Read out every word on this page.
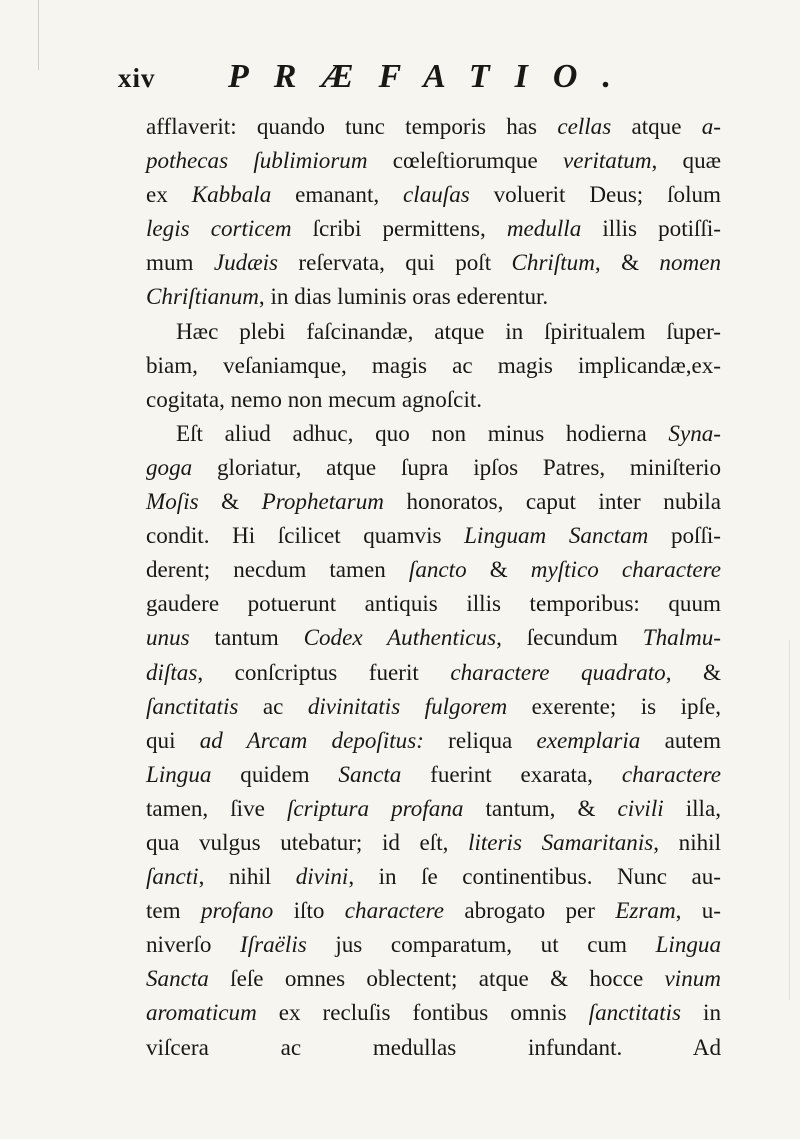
xiv	PRÆFATIO.

afflaverit: quando tunc temporis has cellas atque a-
pothecas ſublimiorum cœleſtiorumque veritatum, quæ
ex Kabbala emanant, clauſas voluerit Deus; ſolum
legis corticem ſcribi permittens, medulla illis potiſſi-
mum Judæis reſervata, qui poſt Chriſtum, & nomen
Chriſtianum, in dias luminis oras ederentur.

Hæc plebi faſcinandæ, atque in ſpiritualem ſuper-
biam, veſaniamque, magis ac magis implicandæ,ex-
cogitata, nemo non mecum agnoſcit.

Eſt aliud adhuc, quo non minus hodierna Syna-
goga gloriatur, atque ſupra ipſos Patres, miniſterio
Moſis & Prophetarum honoratos, caput inter nubila
condit. Hi ſcilicet quamvis Linguam Sanctam poſſi-
derent; necdum tamen ſancto & myſtico charactere
gaudere potuerunt antiquis illis temporibus: quum
unus tantum Codex Authenticus, ſecundum Thalmu-
diſtas, conſcriptus fuerit charactere quadrato, &
ſanctitatis ac divinitatis fulgorem exerente; is ipſe,
qui ad Arcam depoſitus: reliqua exemplaria autem
Lingua quidem Sancta fuerint exarata, charactere
tamen, ſive ſcriptura profana tantum, & civili illa,
qua vulgus utebatur; id eſt, literis Samaritanis, nihil
ſancti, nihil divini, in ſe continentibus. Nunc au-
tem profano iſto charactere abrogato per Ezram, u-
niverſo Iſraëlis jus comparatum, ut cum Lingua
Sancta ſeſe omnes oblectent; atque & hocce vinum
aromaticum ex recluſis fontibus omnis ſanctitatis in
viſcera ac medullas infundant.	Ad
